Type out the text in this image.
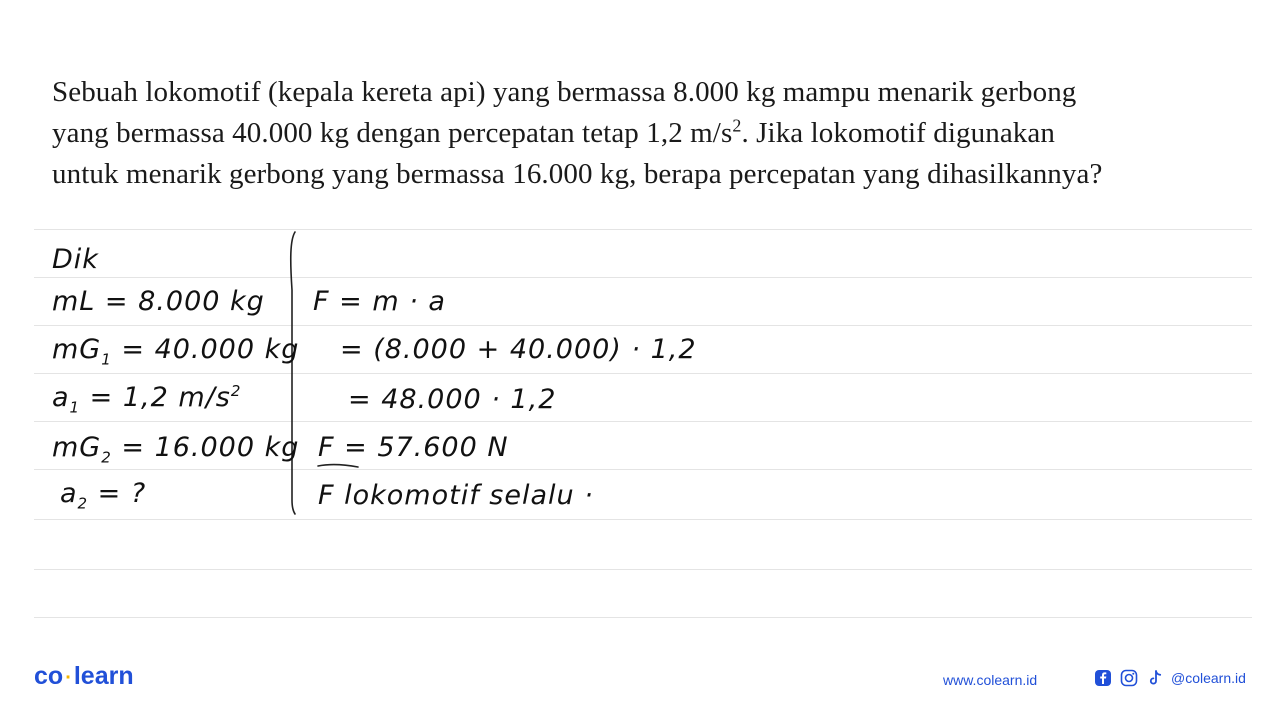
Sebuah lokomotif (kepala kereta api) yang bermassa 8.000 kg mampu menarik gerbong

yang bermassa 40.000 kg dengan percepatan tetap 1,2 $m/s^2$. Jika lokomotif digunakan

untuk menarik gerbong yang bermassa 16.000 kg, berapa percepatan yang dihasilkannya?

Dik
mL = 8.000 kg
$mG_1 = 40.000$ kg
$a_1 = 1,2$ $m/s^2$
$mG_2 = 16.000$ kg
$a_2$ = ?
F = m · a
= (8.000 + 40.000) · 1,2
= 48.000 · 1,2
F = 57.600 N
F lokomotif selalu ·
co ·learn	www.colearn.id	@colearn.id
